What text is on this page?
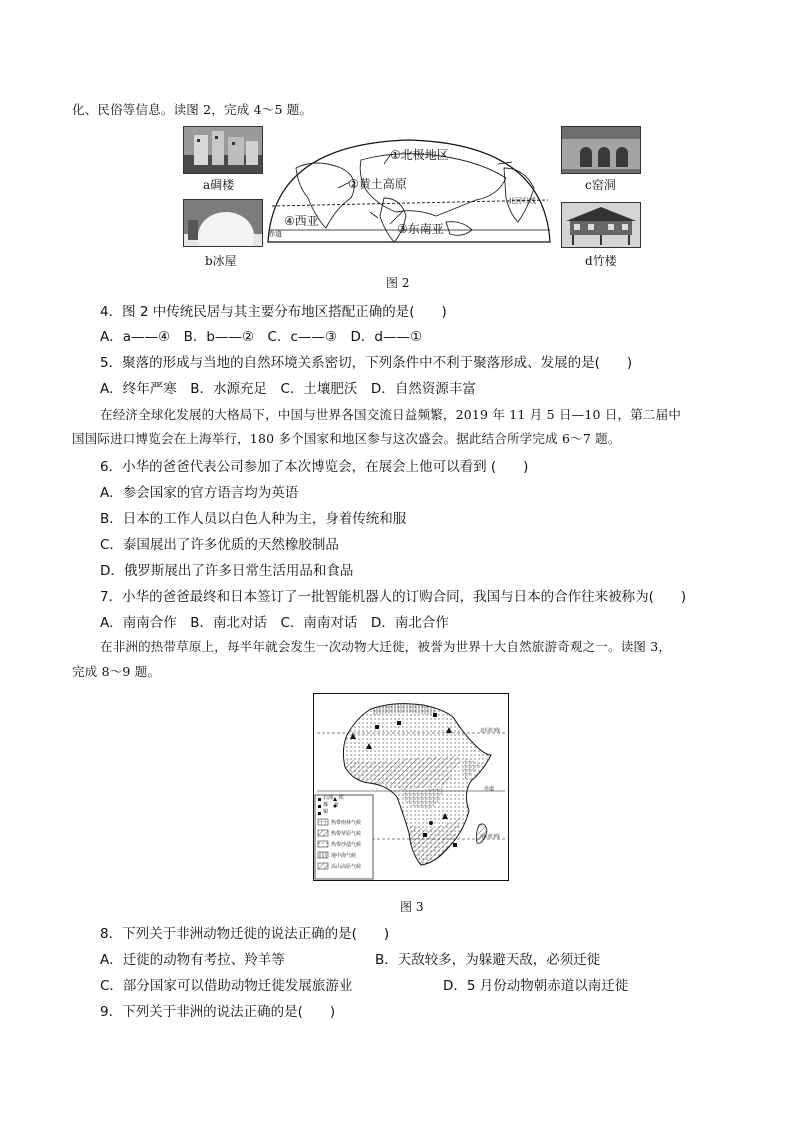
化、民俗等信息。读图 2，完成 4～5 题。
a碉楼
b冰屋
c窑洞
d竹楼
①北极地区
②黄土高原
③东南亚
④西亚
北回归线
赤道
图 2
4．图 2 中传统民居与其主要分布地区搭配正确的是(　　)
A．a——④　B．b——②　C．c——③　D．d——①
5．聚落的形成与当地的自然环境关系密切，下列条件中不利于聚落形成、发展的是(　　)
A．终年严寒　B．水源充足　C．土壤肥沃　D．自然资源丰富
在经济全球化发展的大格局下，中国与世界各国交流日益频繁，2019 年 11 月 5 日—10 日，第二届中
国国际进口博览会在上海举行，180 多个国家和地区参与这次盛会。据此结合所学完成 6～7 题。
6．小华的爸爸代表公司参加了本次博览会，在展会上他可以看到 (　　)
A．参会国家的官方语言均为英语
B．日本的工作人员以白色人种为主，身着传统和服
C．泰国展出了许多优质的天然橡胶制品
D．俄罗斯展出了许多日常生活用品和食品
7．小华的爸爸最终和日本签订了一批智能机器人的订购合同，我国与日本的合作往来被称为(　　)
A．南南合作　B．南北对话　C．南南对话　D．南北合作
在非洲的热带草原上，每半年就会发生一次动物大迁徙，被誉为世界十大自然旅游奇观之一。读图 3，
完成 8～9 题。
石油 铁
煤 金
铜
热带雨林气候
热带草原气候
热带沙漠气候
地中海气候
高山高原气候
北回归线
赤道
南回归线
图 3
8．下列关于非洲动物迁徙的说法正确的是(　　)
A．迁徙的动物有考拉、羚羊等	B．天敌较多，为躲避天敌，必须迁徙
C．部分国家可以借助动物迁徙发展旅游业	D．5 月份动物朝赤道以南迁徙
9．下列关于非洲的说法正确的是(　　)
